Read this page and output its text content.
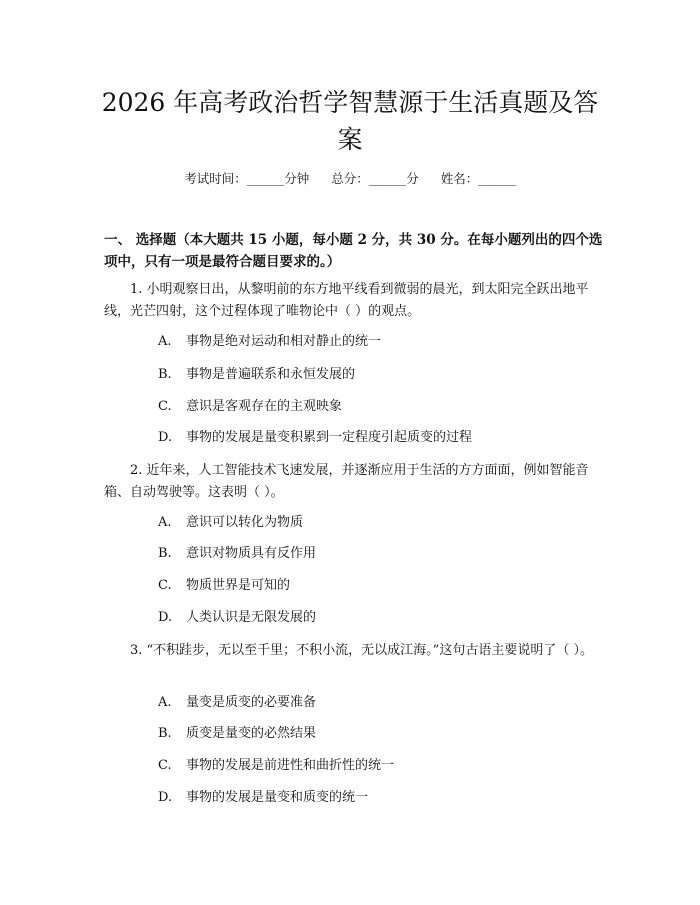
2026 年高考政治哲学智慧源于生活真题及答案
考试时间：______分钟 总分：______分 姓名：______

一、 选择题（本大题共 15 小题，每小题 2 分，共 30 分。在每小题列出的四个选项中，只有一项是最符合题目要求的。）

1. 小明观察日出，从黎明前的东方地平线看到微弱的晨光，到太阳完全跃出地平线，光芒四射，这个过程体现了唯物论中（ ）的观点。

A. 事物是绝对运动和相对静止的统一
B. 事物是普遍联系和永恒发展的
C. 意识是客观存在的主观映象
D. 事物的发展是量变积累到一定程度引起质变的过程

2. 近年来，人工智能技术飞速发展，并逐渐应用于生活的方方面面，例如智能音箱、自动驾驶等。这表明（ ）。

A. 意识可以转化为物质
B. 意识对物质具有反作用
C. 物质世界是可知的
D. 人类认识是无限发展的

3. “不积跬步，无以至千里；不积小流，无以成江海。”这句古语主要说明了（ ）。

A. 量变是质变的必要准备
B. 质变是量变的必然结果
C. 事物的发展是前进性和曲折性的统一
D. 事物的发展是量变和质变的统一
